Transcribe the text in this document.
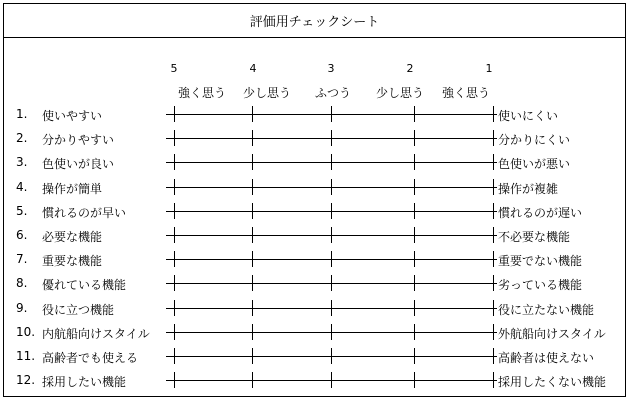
評価用チェックシート
5	4	3	2	1
強く思う	少し思う	ふつう	少し思う	強く思う
1.	使いやすい	使いにくい
2.	分かりやすい	分かりにくい
3.	色使いが良い	色使いが悪い
4.	操作が簡単	操作が複雑
5.	慣れるのが早い	慣れるのが遅い
6.	必要な機能	不必要な機能
7.	重要な機能	重要でない機能
8.	優れている機能	劣っている機能
9.	役に立つ機能	役に立たない機能
10. 内航船向けスタイル	外航船向けスタイル
11. 高齢者でも使える	高齢者は使えない
12. 採用したい機能	採用したくない機能
